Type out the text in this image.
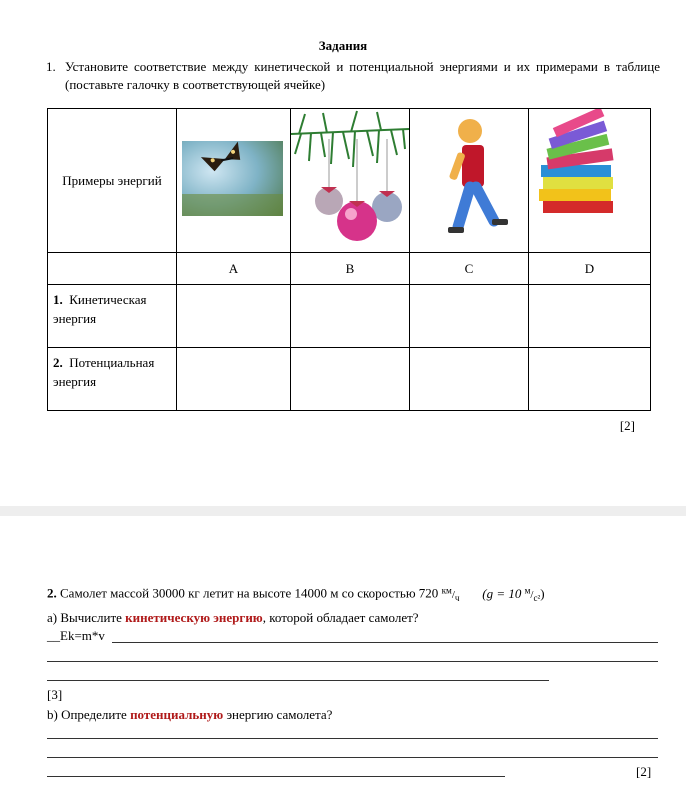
Задания
1. Установите соответствие между кинетической и потенциальной энергиями и их примерами в таблице (поставьте галочку в соответствующей ячейке)
Примеры энергий				
	A	B	C	D
1. Кинетическая энергия				
2. Потенциальная энергия				
[2]
2. Самолет массой 30000 кг летит на высоте 14000 м со скоростью 720 $^{км}/_ч$ (g = 10 $^м/_{с^2}$)
a) Вычислите кинетическую энергию, которой обладает самолет?
__Ek=m*v
[3]
b) Определите потенциальную энергию самолета?
[2]
